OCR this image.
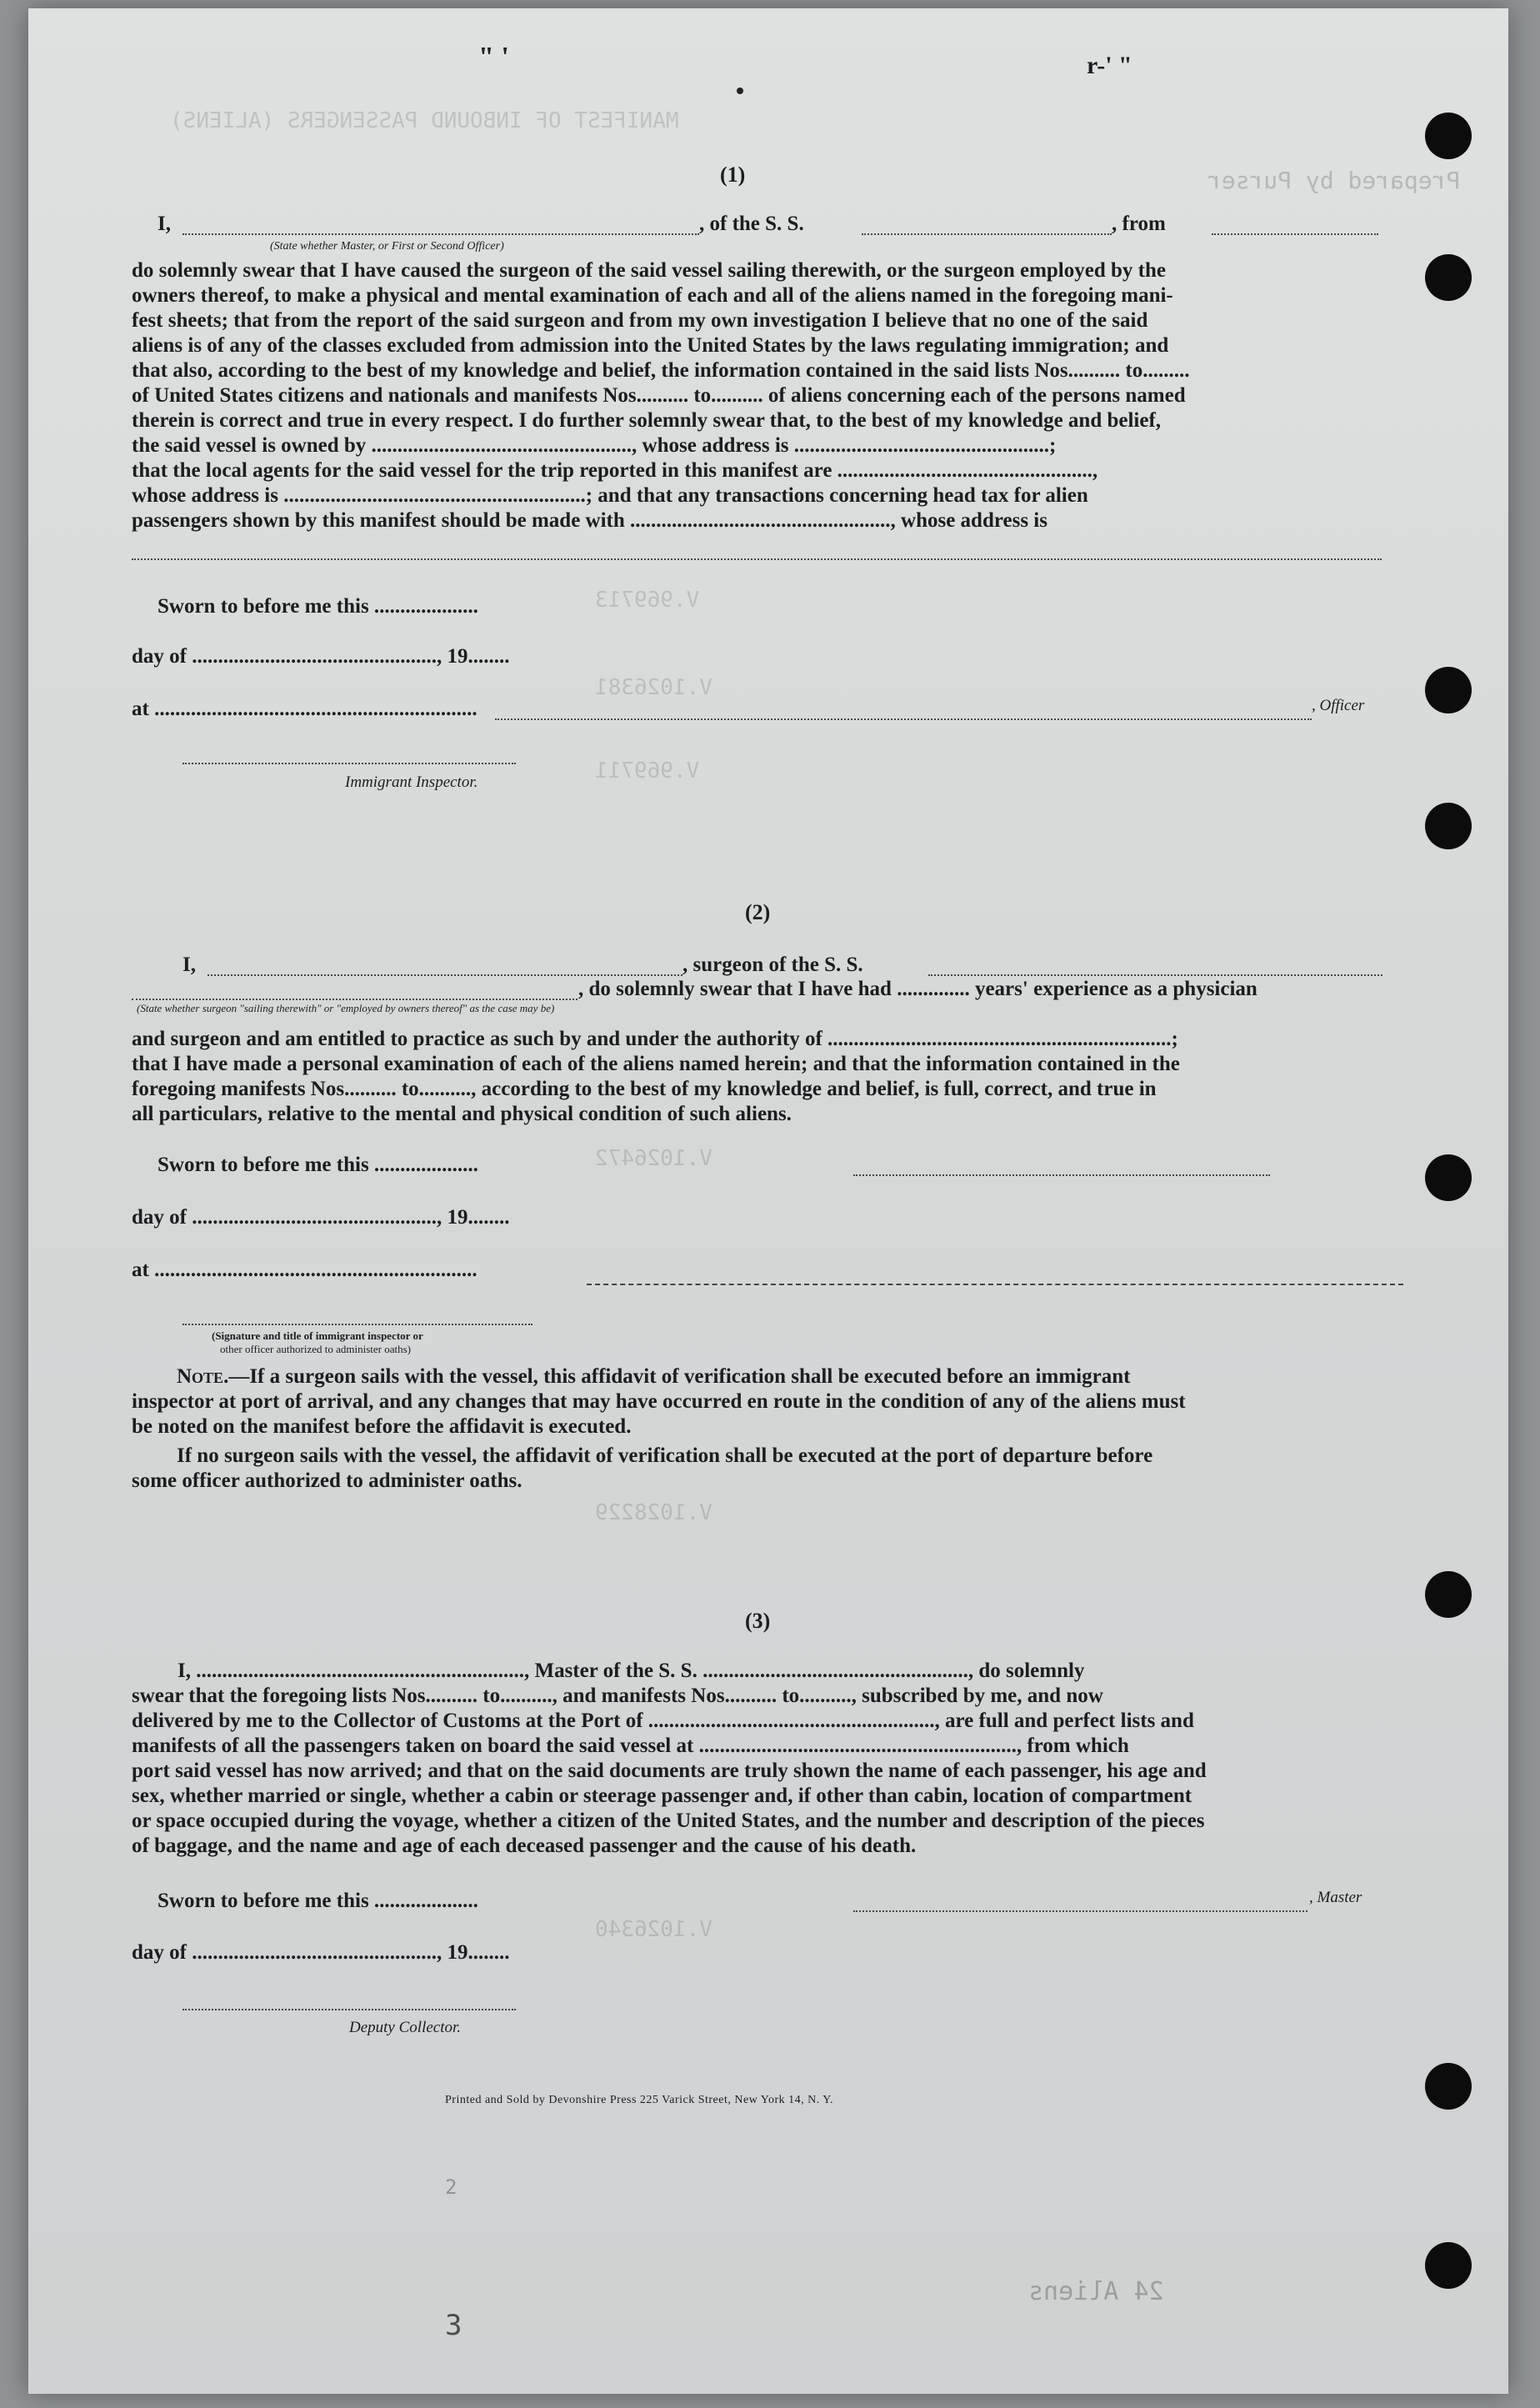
" '	r-' "
Prepared by Purser
MANIFEST OF INBOUND PASSENGERS (ALIENS)
V.969713
V.1026381
V.969711
V.1026472
V.1028229
V.1026340
24 Aliens
(1)
I,	, of the S. S.	, from
(State whether Master, or First or Second Officer)
do solemnly swear that I have caused the surgeon of the said vessel sailing therewith, or the surgeon employed by the
owners thereof, to make a physical and mental examination of each and all of the aliens named in the foregoing mani-
fest sheets; that from the report of the said surgeon and from my own investigation I believe that no one of the said
aliens is of any of the classes excluded from admission into the United States by the laws regulating immigration; and
that also, according to the best of my knowledge and belief, the information contained in the said lists Nos.......... to.........
of United States citizens and nationals and manifests Nos.......... to.......... of aliens concerning each of the persons named
therein is correct and true in every respect. I do further solemnly swear that, to the best of my knowledge and belief,
the said vessel is owned by .................................................., whose address is .................................................;
that the local agents for the said vessel for the trip reported in this manifest are .................................................,
whose address is ..........................................................; and that any transactions concerning head tax for alien
passengers shown by this manifest should be made with .................................................., whose address is
Sworn to before me this ....................
day of ..............................................., 19........
at ..............................................................	, Officer
Immigrant Inspector.
(2)
I,	, surgeon of the S. S.
, do solemnly swear that I have had .............. years' experience as a physician
(State whether surgeon "sailing therewith" or "employed by owners thereof" as the case may be)
and surgeon and am entitled to practice as such by and under the authority of ..................................................................;
that I have made a personal examination of each of the aliens named herein; and that the information contained in the
foregoing manifests Nos.......... to.........., according to the best of my knowledge and belief, is full, correct, and true in
all particulars, relative to the mental and physical condition of such aliens.
Sworn to before me this ....................
day of ..............................................., 19........
at ..............................................................
(Signature and title of immigrant inspector or
other officer authorized to administer oaths)
Note.—If a surgeon sails with the vessel, this affidavit of verification shall be executed before an immigrant
inspector at port of arrival, and any changes that may have occurred en route in the condition of any of the aliens must
be noted on the manifest before the affidavit is executed.
If no surgeon sails with the vessel, the affidavit of verification shall be executed at the port of departure before
some officer authorized to administer oaths.
(3)
I, ..............................................................., Master of the S. S. ..................................................., do solemnly
swear that the foregoing lists Nos.......... to.........., and manifests Nos.......... to.........., subscribed by me, and now
delivered by me to the Collector of Customs at the Port of ......................................................., are full and perfect lists and
manifests of all the passengers taken on board the said vessel at ............................................................., from which
port said vessel has now arrived; and that on the said documents are truly shown the name of each passenger, his age and
sex, whether married or single, whether a cabin or steerage passenger and, if other than cabin, location of compartment
or space occupied during the voyage, whether a citizen of the United States, and the number and description of the pieces
of baggage, and the name and age of each deceased passenger and the cause of his death.
Sworn to before me this ....................	, Master
day of ..............................................., 19........
Deputy Collector.
3
2
Printed and Sold by Devonshire Press 225 Varick Street, New York 14, N. Y.
